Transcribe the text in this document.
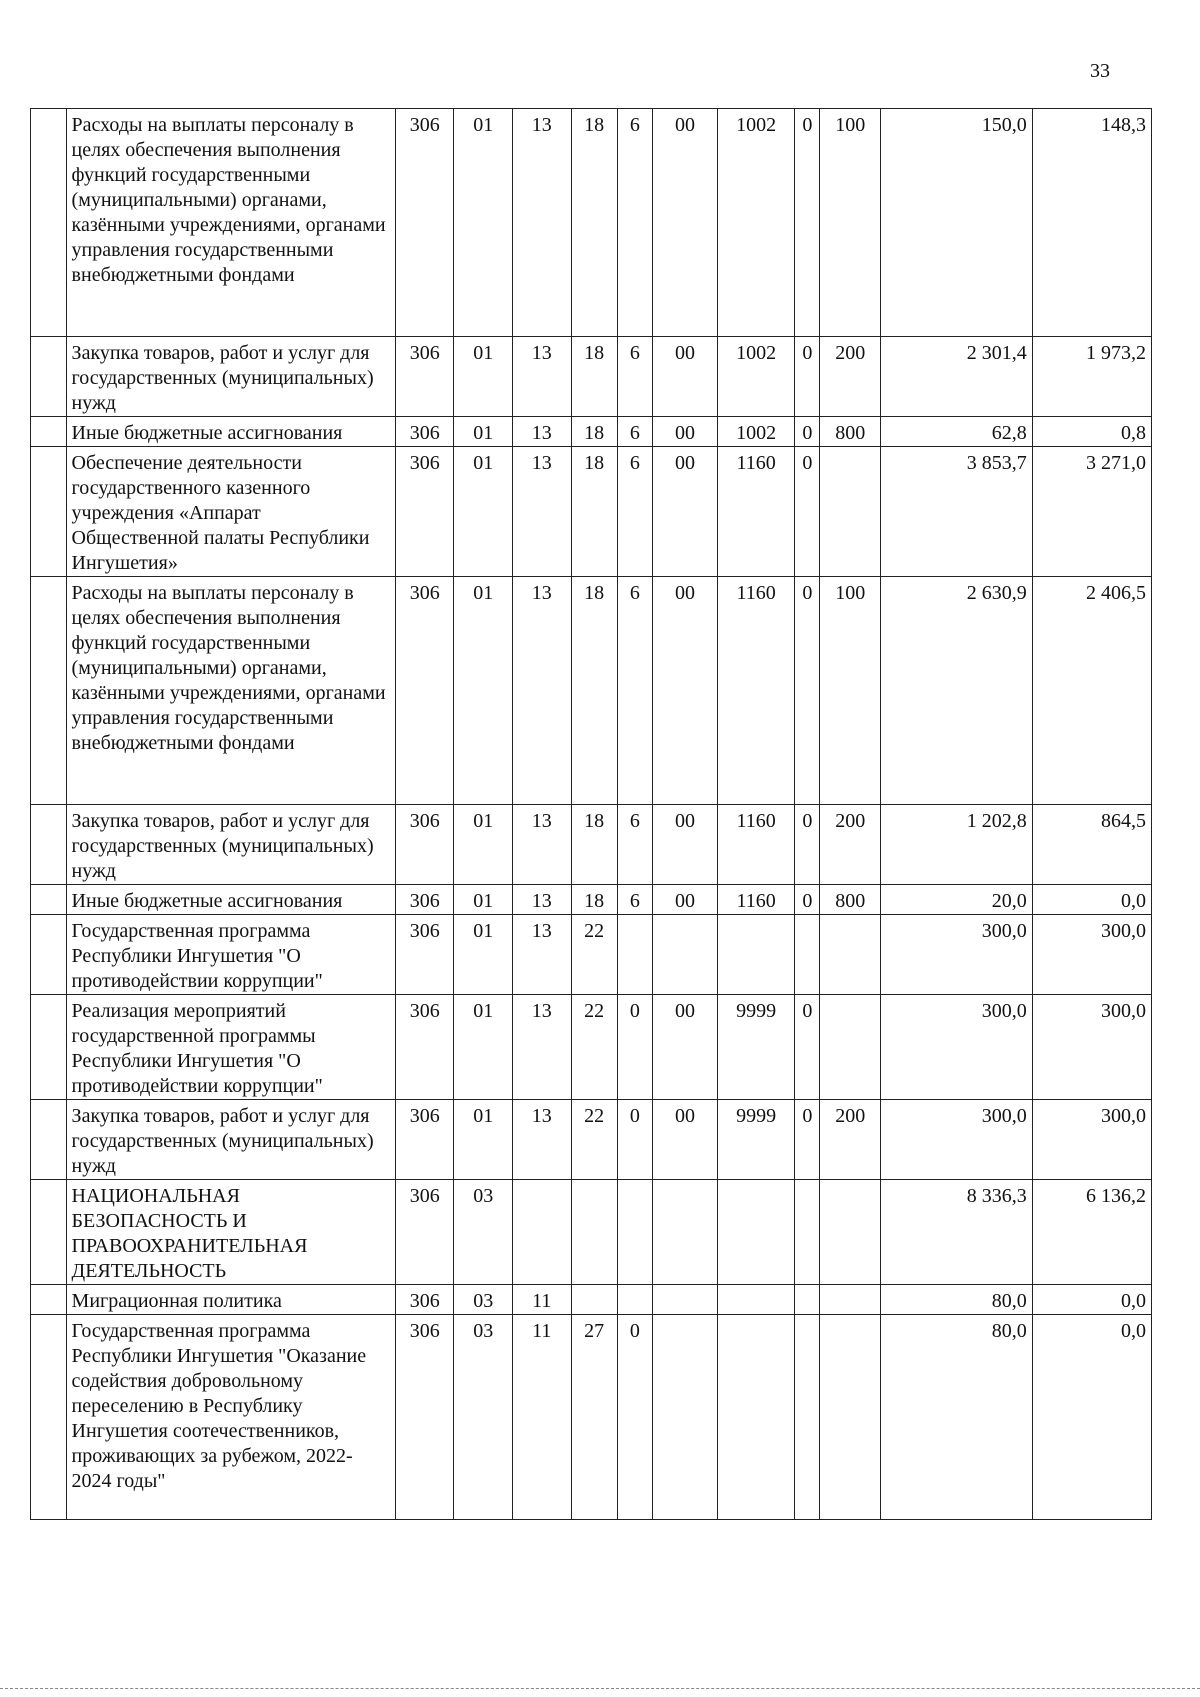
33
	Расходы на выплаты персоналу в целях обеспечения выполнения функций государственными (муниципальными) органами, казёнными учреждениями, органами управления государственными внебюджетными фондами	306	01	13	18	6	00	1002	0	100	150,0	148,3
	Закупка товаров, работ и услуг для государственных (муниципальных) нужд	306	01	13	18	6	00	1002	0	200	2 301,4	1 973,2
	Иные бюджетные ассигнования	306	01	13	18	6	00	1002	0	800	62,8	0,8
	Обеспечение деятельности государственного казенного учреждения «Аппарат Общественной палаты Республики Ингушетия»	306	01	13	18	6	00	1160	0		3 853,7	3 271,0
	Расходы на выплаты персоналу в целях обеспечения выполнения функций государственными (муниципальными) органами, казёнными учреждениями, органами управления государственными внебюджетными фондами	306	01	13	18	6	00	1160	0	100	2 630,9	2 406,5
	Закупка товаров, работ и услуг для государственных (муниципальных) нужд	306	01	13	18	6	00	1160	0	200	1 202,8	864,5
	Иные бюджетные ассигнования	306	01	13	18	6	00	1160	0	800	20,0	0,0
	Государственная программа Республики Ингушетия "О противодействии коррупции"	306	01	13	22						300,0	300,0
	Реализация мероприятий государственной программы Республики Ингушетия "О противодействии коррупции"	306	01	13	22	0	00	9999	0		300,0	300,0
	Закупка товаров, работ и услуг для государственных (муниципальных) нужд	306	01	13	22	0	00	9999	0	200	300,0	300,0
	НАЦИОНАЛЬНАЯ БЕЗОПАСНОСТЬ И ПРАВООХРАНИТЕЛЬНАЯ ДЕЯТЕЛЬНОСТЬ	306	03								8 336,3	6 136,2
	Миграционная политика	306	03	11							80,0	0,0
	Государственная программа Республики Ингушетия "Оказание содействия добровольному переселению в Республику Ингушетия соотечественников, проживающих за рубежом, 2022-2024 годы"	306	03	11	27	0					80,0	0,0
